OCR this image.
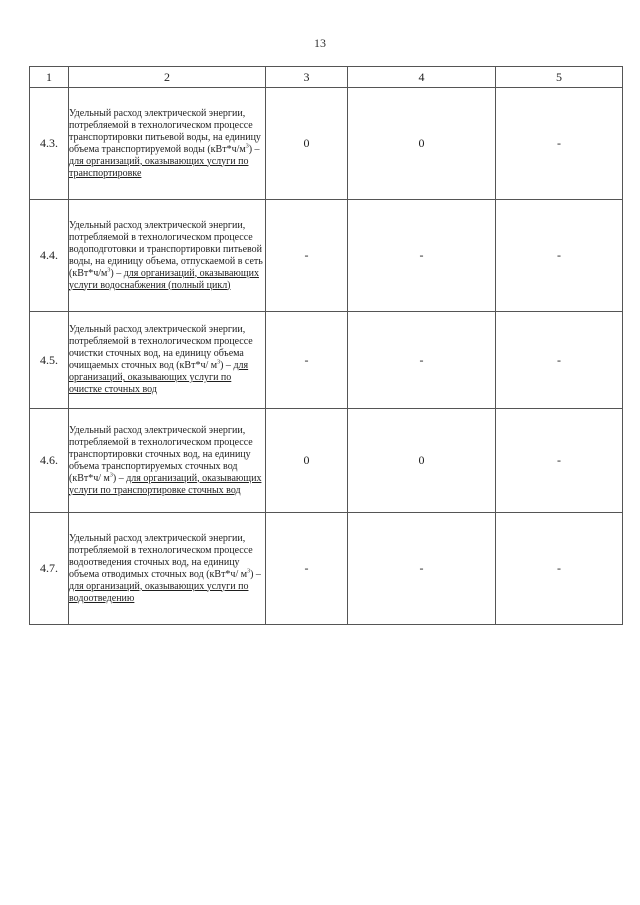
13
1	2	3	4	5
4.3.	Удельный расход электрической энергии, потребляемой в технологическом процессе транспортировки питьевой воды, на единицу объема транспортируемой воды $(кВт*ч/м^3)$ – для организаций, оказывающих услуги по транспортировке	0	0	-
4.4.	Удельный расход электрической энергии, потребляемой в технологическом процессе водоподготовки и транспортировки питьевой воды, на единицу объема, отпускаемой в сеть $(кВт*ч/м^3)$ – для организаций, оказывающих услуги водоснабжения (полный цикл)	-	-	-
4.5.	Удельный расход электрической энергии, потребляемой в технологическом процессе очистки сточных вод, на единицу объема очищаемых сточных вод (кВт*ч/ $м^3$) – для организаций, оказывающих услуги по очистке сточных вод	-	-	-
4.6.	Удельный расход электрической энергии, потребляемой в технологическом процессе транспортировки сточных вод, на единицу объема транспортируемых сточных вод (кВт*ч/ $м^3$) – для организаций, оказывающих услуги по транспортировке сточных вод	0	0	-
4.7.	Удельный расход электрической энергии, потребляемой в технологическом процессе водоотведения сточных вод, на единицу объема отводимых сточных вод (кВт*ч/ $м^3$) – для организаций, оказывающих услуги по водоотведению	-	-	-
